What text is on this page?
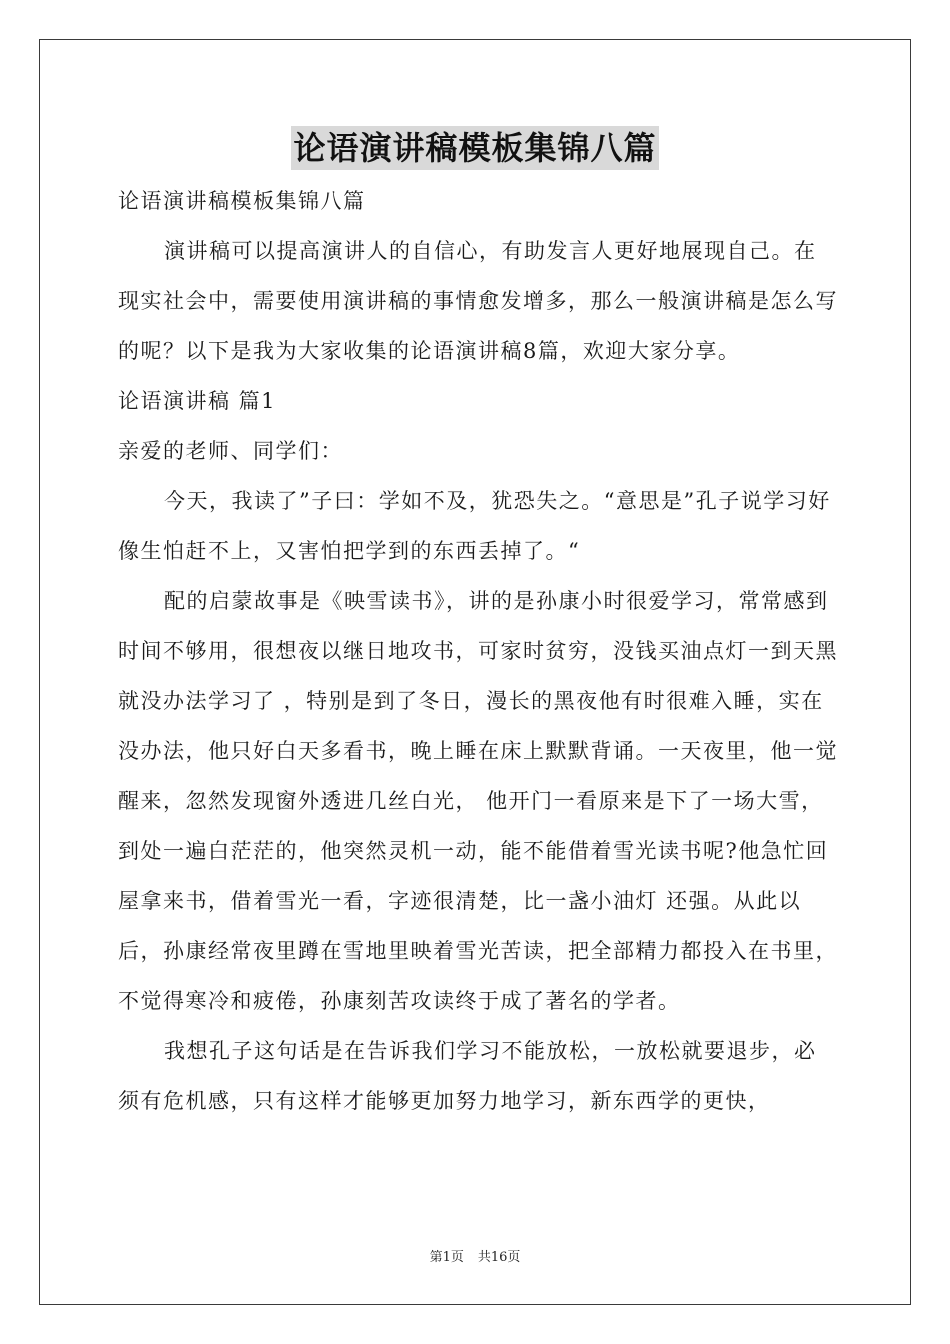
论语演讲稿模板集锦八篇

论语演讲稿模板集锦八篇

演讲稿可以提高演讲人的自信心，有助发言人更好地展现自己。在现实社会中，需要使用演讲稿的事情愈发增多，那么一般演讲稿是怎么写的呢？以下是我为大家收集的论语演讲稿8篇，欢迎大家分享。

论语演讲稿 篇1

亲爱的老师、同学们：

今天，我读了”子曰：学如不及，犹恐失之。“意思是”孔子说学习好像生怕赶不上，又害怕把学到的东西丢掉了。“

配的启蒙故事是《映雪读书》，讲的是孙康小时很爱学习，常常感到时间不够用，很想夜以继日地攻书，可家时贫穷，没钱买油点灯一到天黑就没办法学习了 ，特别是到了冬日，漫长的黑夜他有时很难入睡，实在没办法，他只好白天多看书，晚上睡在床上默默背诵。一天夜里，他一觉醒来，忽然发现窗外透进几丝白光， 他开门一看原来是下了一场大雪，到处一遍白茫茫的，他突然灵机一动，能不能借着雪光读书呢?他急忙回屋拿来书，借着雪光一看，字迹很清楚，比一盏小油灯 还强。从此以后，孙康经常夜里蹲在雪地里映着雪光苦读，把全部精力都投入在书里，不觉得寒冷和疲倦，孙康刻苦攻读终于成了著名的学者。

我想孔子这句话是在告诉我们学习不能放松，一放松就要退步，必须有危机感，只有这样才能够更加努力地学习，新东西学的更快，

第1页 共16页
